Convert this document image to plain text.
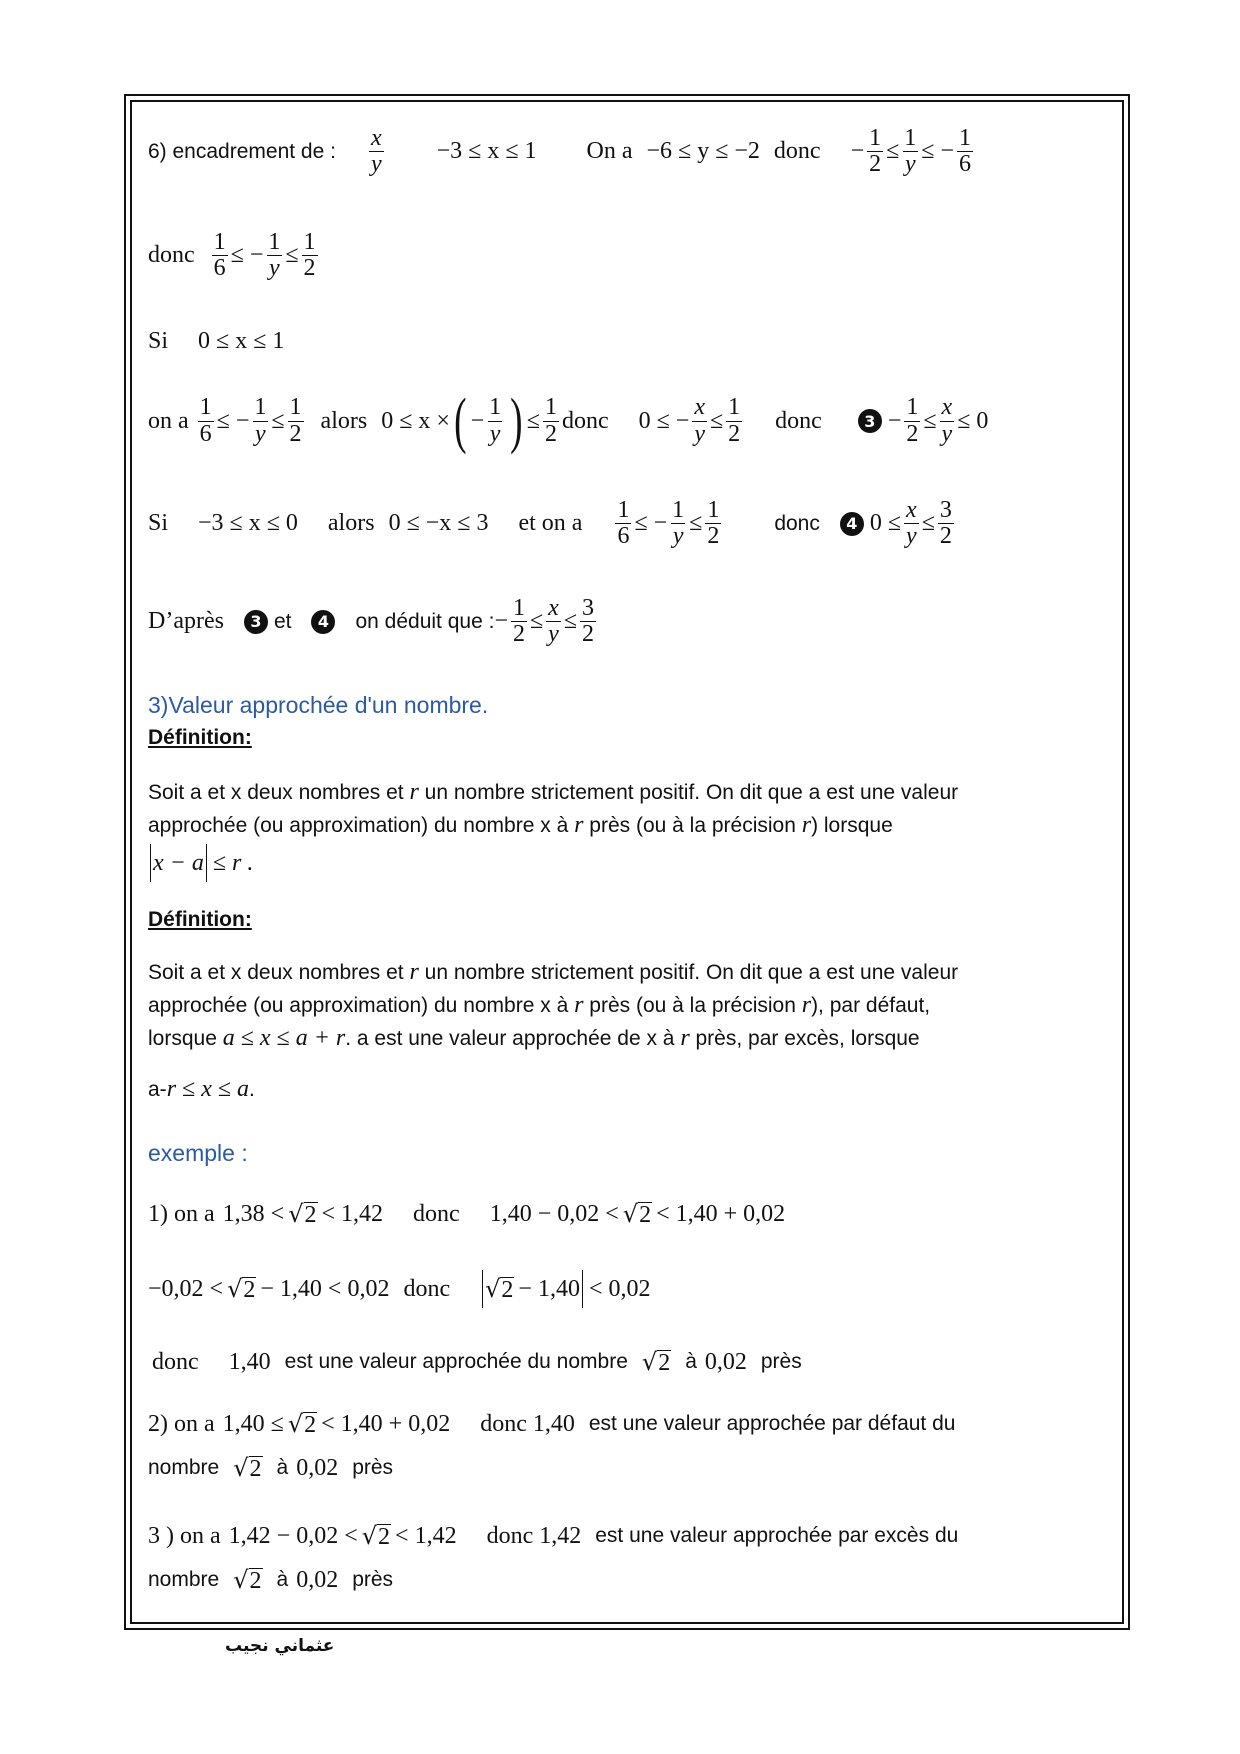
6) encadrement de : $\frac{x}{y} -3 \le x \le 1$ On a −6 ≤ y ≤ −2 donc − $\frac{1}{2} \le \frac{1}{y}$ ≤ − $\frac{1}{6}$
donc $\frac{1}{6}$ ≤ − $\frac{1}{y} \le \frac{1}{2}$
Si 0 ≤ x ≤ 1
on a $\frac{1}{6}$ ≤ − $\frac{1}{y} \le \frac{1}{2}$ alors 0 ≤ x × ( − $\frac{1}{y}$ ) ≤ $\frac{1}{2}$ donc 0 ≤ − $\frac{x}{y} \le \frac{1}{2}$ donc	$3 - \frac{1}{2} \le \frac{x}{y} \le 0$
Si −3 ≤ x ≤ 0 alors 0 ≤ −x ≤ 3 et on a $\frac{1}{6}$ ≤ − $\frac{1}{y} \le \frac{1}{2}$	donc	4 $0 \le \frac{x}{y} \le \frac{3}{2}$
D’après	3 et	4	on déduit que : − $\frac{1}{2} \le \frac{x}{y} \le \frac{3}{2}$
3)Valeur approchée d'un nombre.
Définition:
Soit a et x deux nombres et r un nombre strictement positif. On dit que a est une valeur
approchée (ou approximation) du nombre x à r près (ou à la précision r) lorsque
x − a ≤ r .
Définition:
Soit a et x deux nombres et r un nombre strictement positif. On dit que a est une valeur
approchée (ou approximation) du nombre x à r près (ou à la précision r), par défaut,
lorsque a ≤ x ≤ a + r. a est une valeur approchée de x à r près, par excès, lorsque
a-r ≤ x ≤ a.
exemple :
1) on a 1,38 < √ 2 < 1,42 donc 1,40 − 0,02 < √ 2 < 1,40 + 0,02
−0,02 < √ 2 − 1,40 < 0,02 donc √ 2 − 1,40 < 0,02
donc 1,40 est une valeur approchée du nombre √ 2 à 0,02 près
2) on a 1,40 ≤ √ 2 < 1,40 + 0,02 donc 1,40 est une valeur approchée par défaut du
nombre √ 2 à 0,02 près
3 ) on a 1,42 − 0,02 < √ 2 < 1,42 donc 1,42 est une valeur approchée par excès du
nombre √ 2 à 0,02 près
عثماني نجيب
